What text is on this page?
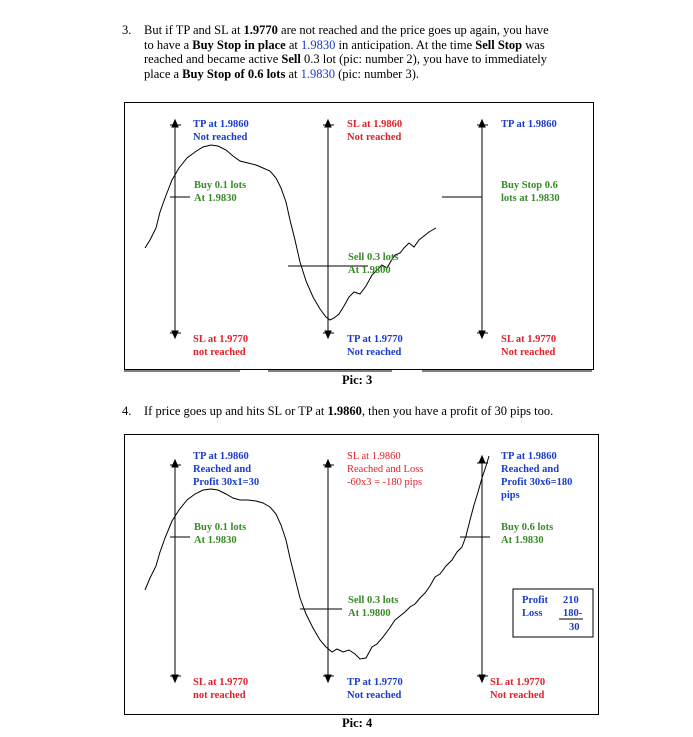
3. But if TP and SL at 1.9770 are not reached and the price goes up again, you have
to have a Buy Stop in place at 1.9830 in anticipation. At the time Sell Stop was
reached and became active Sell 0.3 lot (pic: number 2), you have to immediately
place a Buy Stop of 0.6 lots at 1.9830 (pic: number 3).
TP at 1.9860
Not reached
Buy 0.1 lots
At 1.9830
SL at 1.9770
not reached
SL at 1.9860
Not reached
Sell 0.3 lots
At 1.9800
TP at 1.9770
Not reached
TP at 1.9860
Buy Stop 0.6
lots at 1.9830
SL at 1.9770
Not reached
Pic: 3
4. If price goes up and hits SL or TP at 1.9860, then you have a profit of 30 pips too.
TP at 1.9860
Reached and
Profit 30x1=30
Buy 0.1 lots
At 1.9830
SL at 1.9770
not reached
SL at 1.9860
Reached and Loss
-60x3 = -180 pips
Sell 0.3 lots
At 1.9800
TP at 1.9770
Not reached
TP at 1.9860
Reached and
Profit 30x6=180
pips
Buy 0.6 lots
At 1.9830
SL at 1.9770
Not reached
Profit 210
Loss 180-
30
Pic: 4
